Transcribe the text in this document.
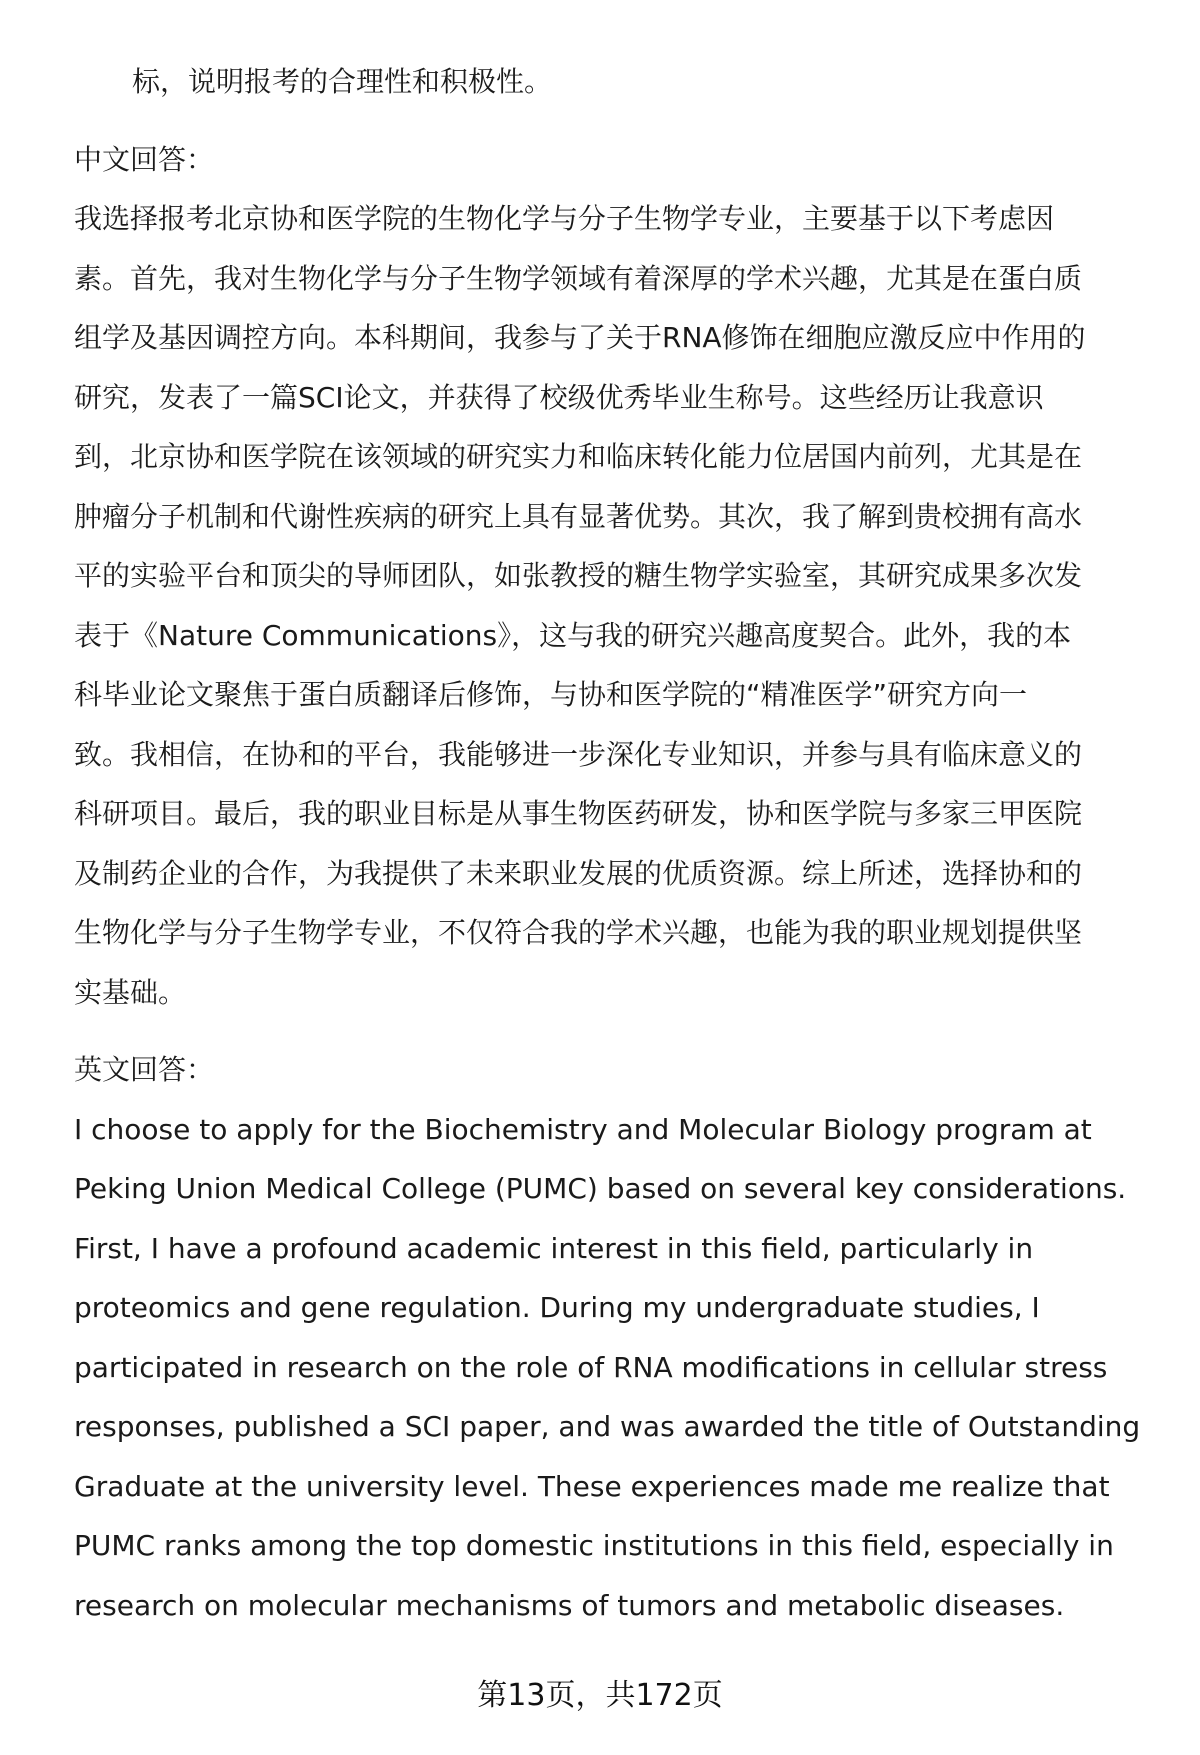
标，说明报考的合理性和积极性。
中文回答：
我选择报考北京协和医学院的生物化学与分子生物学专业，主要基于以下考虑因
素。首先，我对生物化学与分子生物学领域有着深厚的学术兴趣，尤其是在蛋白质
组学及基因调控方向。本科期间，我参与了关于RNA修饰在细胞应激反应中作用的
研究，发表了一篇SCI论文，并获得了校级优秀毕业生称号。这些经历让我意识
到，北京协和医学院在该领域的研究实力和临床转化能力位居国内前列，尤其是在
肿瘤分子机制和代谢性疾病的研究上具有显著优势。其次，我了解到贵校拥有高水
平的实验平台和顶尖的导师团队，如张教授的糖生物学实验室，其研究成果多次发
表于《Nature Communications》，这与我的研究兴趣高度契合。此外，我的本
科毕业论文聚焦于蛋白质翻译后修饰，与协和医学院的“精准医学”研究方向一
致。我相信，在协和的平台，我能够进一步深化专业知识，并参与具有临床意义的
科研项目。最后，我的职业目标是从事生物医药研发，协和医学院与多家三甲医院
及制药企业的合作，为我提供了未来职业发展的优质资源。综上所述，选择协和的
生物化学与分子生物学专业，不仅符合我的学术兴趣，也能为我的职业规划提供坚
实基础。
英文回答：
I choose to apply for the Biochemistry and Molecular Biology program at
Peking Union Medical College (PUMC) based on several key considerations.
First, I have a profound academic interest in this field, particularly in
proteomics and gene regulation. During my undergraduate studies, I
participated in research on the role of RNA modifications in cellular stress
responses, published a SCI paper, and was awarded the title of Outstanding
Graduate at the university level. These experiences made me realize that
PUMC ranks among the top domestic institutions in this field, especially in
research on molecular mechanisms of tumors and metabolic diseases.
第13页，共172页
